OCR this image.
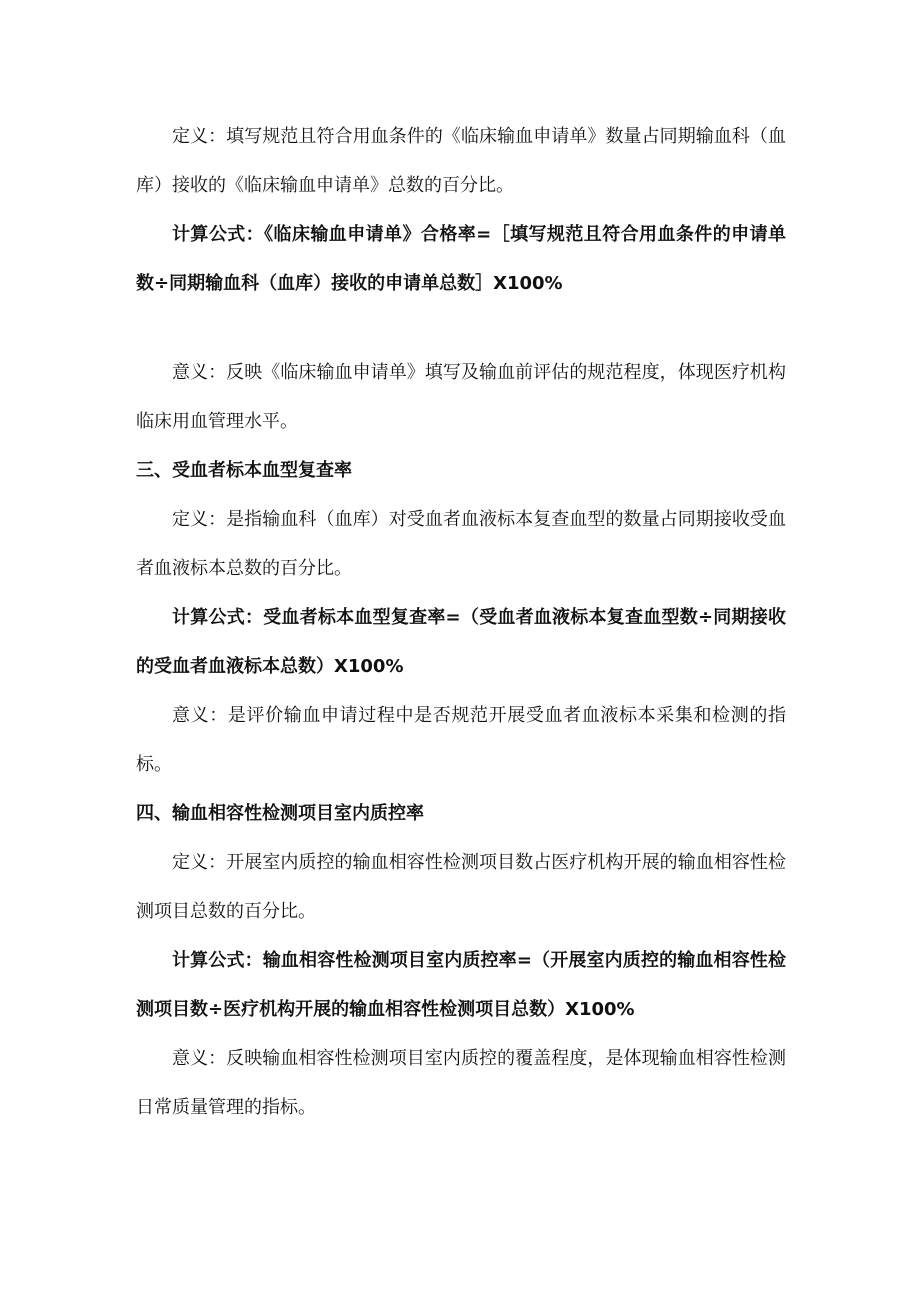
定义：填写规范且符合用血条件的《临床输血申请单》数量占同期输血科（血库）接收的《临床输血申请单》总数的百分比。

计算公式：《临床输血申请单》合格率=［填写规范且符合用血条件的申请单数÷同期输血科（血库）接收的申请单总数］X100%

意义：反映《临床输血申请单》填写及输血前评估的规范程度，体现医疗机构临床用血管理水平。

三、受血者标本血型复查率

定义：是指输血科（血库）对受血者血液标本复查血型的数量占同期接收受血者血液标本总数的百分比。

计算公式：受血者标本血型复查率=（受血者血液标本复查血型数÷同期接收的受血者血液标本总数）X100%

意义：是评价输血申请过程中是否规范开展受血者血液标本采集和检测的指标。

四、输血相容性检测项目室内质控率

定义：开展室内质控的输血相容性检测项目数占医疗机构开展的输血相容性检测项目总数的百分比。

计算公式：输血相容性检测项目室内质控率=（开展室内质控的输血相容性检测项目数÷医疗机构开展的输血相容性检测项目总数）X100%

意义：反映输血相容性检测项目室内质控的覆盖程度，是体现输血相容性检测日常质量管理的指标。
